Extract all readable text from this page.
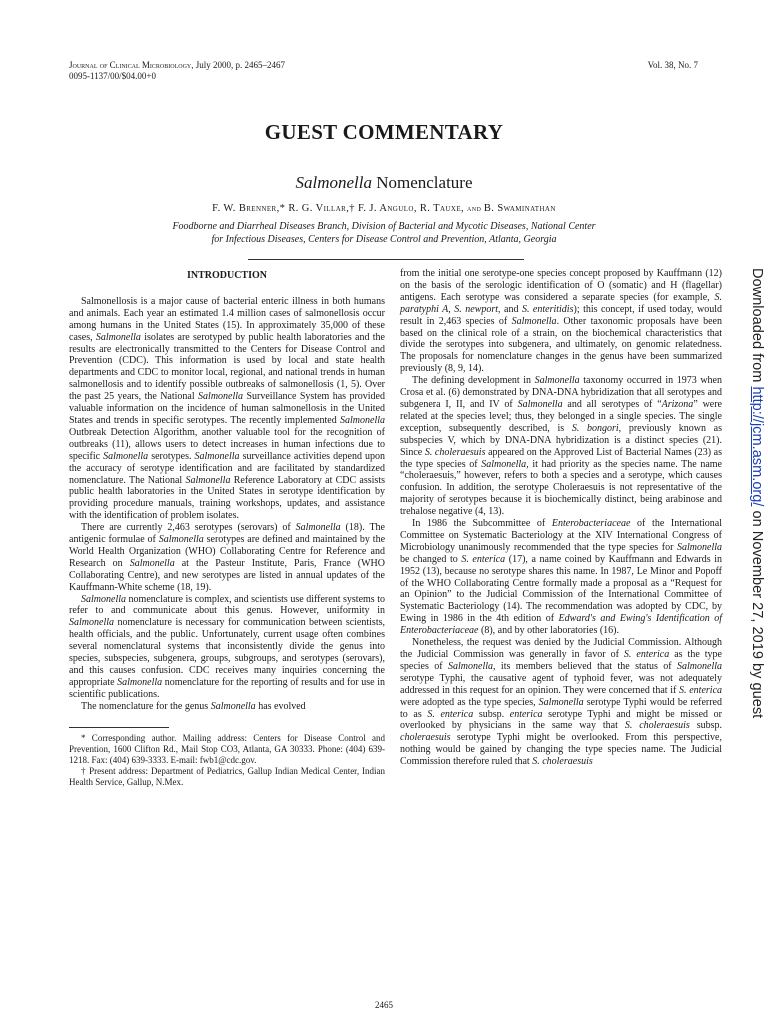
Journal of Clinical Microbiology, July 2000, p. 2465–2467
0095-1137/00/$04.00+0
Vol. 38, No. 7
GUEST COMMENTARY
Salmonella Nomenclature
F. W. Brenner,* R. G. Villar,† F. J. Angulo, R. Tauxe, and B. Swaminathan
Foodborne and Diarrheal Diseases Branch, Division of Bacterial and Mycotic Diseases, National Center
for Infectious Diseases, Centers for Disease Control and Prevention, Atlanta, Georgia
INTRODUCTION

Salmonellosis is a major cause of bacterial enteric illness in both humans and animals. Each year an estimated 1.4 million cases of salmonellosis occur among humans in the United States (15). In approximately 35,000 of these cases, Salmonella isolates are serotyped by public health laboratories and the results are electronically transmitted to the Centers for Disease Control and Prevention (CDC). This information is used by local and state health departments and CDC to monitor local, regional, and national trends in human salmonellosis and to identify possible outbreaks of salmonellosis (1, 5). Over the past 25 years, the National Salmonella Surveillance System has provided valuable information on the incidence of human salmonellosis in the United States and trends in specific serotypes. The recently implemented Salmonella Outbreak Detection Algorithm, another valuable tool for the recognition of outbreaks (11), allows users to detect increases in human infections due to specific Salmonella serotypes. Salmonella surveillance activities depend upon the accuracy of serotype identification and are facilitated by standardized nomenclature. The National Salmonella Reference Laboratory at CDC assists public health laboratories in the United States in serotype identification by providing procedure manuals, training workshops, updates, and assistance with the identification of problem isolates.

There are currently 2,463 serotypes (serovars) of Salmonella (18). The antigenic formulae of Salmonella serotypes are defined and maintained by the World Health Organization (WHO) Collaborating Centre for Reference and Research on Salmonella at the Pasteur Institute, Paris, France (WHO Collaborating Centre), and new serotypes are listed in annual updates of the Kauffmann-White scheme (18, 19).

Salmonella nomenclature is complex, and scientists use different systems to refer to and communicate about this genus. However, uniformity in Salmonella nomenclature is necessary for communication between scientists, health officials, and the public. Unfortunately, current usage often combines several nomenclatural systems that inconsistently divide the genus into species, subspecies, subgenera, groups, subgroups, and serotypes (serovars), and this causes confusion. CDC receives many inquiries concerning the appropriate Salmonella nomenclature for the reporting of results and for use in scientific publications.

The nomenclature for the genus Salmonella has evolved

* Corresponding author. Mailing address: Centers for Disease Control and Prevention, 1600 Clifton Rd., Mail Stop CO3, Atlanta, GA 30333. Phone: (404) 639-1218. Fax: (404) 639-3333. E-mail: fwb1@cdc.gov.

† Present address: Department of Pediatrics, Gallup Indian Medical Center, Indian Health Service, Gallup, N.Mex.

from the initial one serotype-one species concept proposed by Kauffmann (12) on the basis of the serologic identification of O (somatic) and H (flagellar) antigens. Each serotype was considered a separate species (for example, S. paratyphi A, S. newport, and S. enteritidis); this concept, if used today, would result in 2,463 species of Salmonella. Other taxonomic proposals have been based on the clinical role of a strain, on the biochemical characteristics that divide the serotypes into subgenera, and ultimately, on genomic relatedness. The proposals for nomenclature changes in the genus have been summarized previously (8, 9, 14).

The defining development in Salmonella taxonomy occurred in 1973 when Crosa et al. (6) demonstrated by DNA-DNA hybridization that all serotypes and subgenera I, II, and IV of Salmonella and all serotypes of “Arizona” were related at the species level; thus, they belonged in a single species. The single exception, subsequently described, is S. bongori, previously known as subspecies V, which by DNA-DNA hybridization is a distinct species (21). Since S. choleraesuis appeared on the Approved List of Bacterial Names (23) as the type species of Salmonella, it had priority as the species name. The name “choleraesuis,” however, refers to both a species and a serotype, which causes confusion. In addition, the serotype Choleraesuis is not representative of the majority of serotypes because it is biochemically distinct, being arabinose and trehalose negative (4, 13).

In 1986 the Subcommittee of Enterobacteriaceae of the International Committee on Systematic Bacteriology at the XIV International Congress of Microbiology unanimously recommended that the type species for Salmonella be changed to S. enterica (17), a name coined by Kauffmann and Edwards in 1952 (13), because no serotype shares this name. In 1987, Le Minor and Popoff of the WHO Collaborating Centre formally made a proposal as a “Request for an Opinion” to the Judicial Commission of the International Committee of Systematic Bacteriology (14). The recommendation was adopted by CDC, by Ewing in 1986 in the 4th edition of Edward's and Ewing's Identification of Enterobacteriaceae (8), and by other laboratories (16).

Nonetheless, the request was denied by the Judicial Commission. Although the Judicial Commission was generally in favor of S. enterica as the type species of Salmonella, its members believed that the status of Salmonella serotype Typhi, the causative agent of typhoid fever, was not adequately addressed in this request for an opinion. They were concerned that if S. enterica were adopted as the type species, Salmonella serotype Typhi would be referred to as S. enterica subsp. enterica serotype Typhi and might be missed or overlooked by physicians in the same way that S. choleraesuis subsp. choleraesuis serotype Typhi might be overlooked. From this perspective, nothing would be gained by changing the type species name. The Judicial Commission therefore ruled that S. choleraesuis

2465
Downloaded from http://jcm.asm.org/ on November 27, 2019 by guest
